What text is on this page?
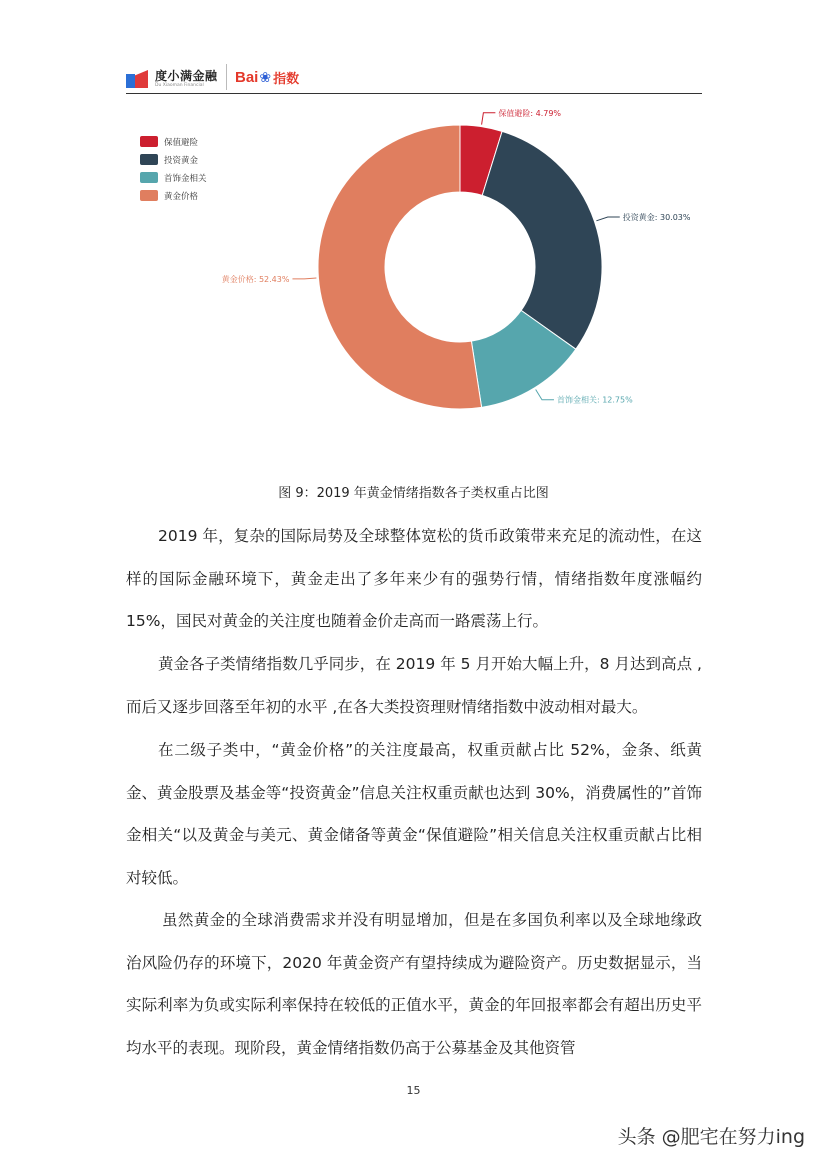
度小满金融
Du Xiaoman Financial	Bai ❀ 指数
保值避险: 4.79%
保值避险
投资黄金: 30.03%
投资黄金
首饰金相关: 12.75%
首饰金相关
黄金价格: 52.43%
黄金价格
图 9：2019 年黄金情绪指数各子类权重占比图
2019 年，复杂的国际局势及全球整体宽松的货币政策带来充足的流动性，在这样的国际金融环境下，黄金走出了多年来少有的强势行情，情绪指数年度涨幅约 15%，国民对黄金的关注度也随着金价走高而一路震荡上行。
黄金各子类情绪指数几乎同步，在 2019 年 5 月开始大幅上升，8 月达到高点 ,而后又逐步回落至年初的水平 ,在各大类投资理财情绪指数中波动相对最大。
在二级子类中，“黄金价格”的关注度最高，权重贡献占比 52%，金条、纸黄金、黄金股票及基金等“投资黄金”信息关注权重贡献也达到 30%，消费属性的”首饰金相关“以及黄金与美元、黄金储备等黄金“保值避险”相关信息关注权重贡献占比相对较低。
虽然黄金的全球消费需求并没有明显增加，但是在多国负利率以及全球地缘政治风险仍存的环境下，2020 年黄金资产有望持续成为避险资产。历史数据显示，当实际利率为负或实际利率保持在较低的正值水平，黄金的年回报率都会有超出历史平均水平的表现。现阶段，黄金情绪指数仍高于公募基金及其他资管
15
头条 @肥宅在努力ing
